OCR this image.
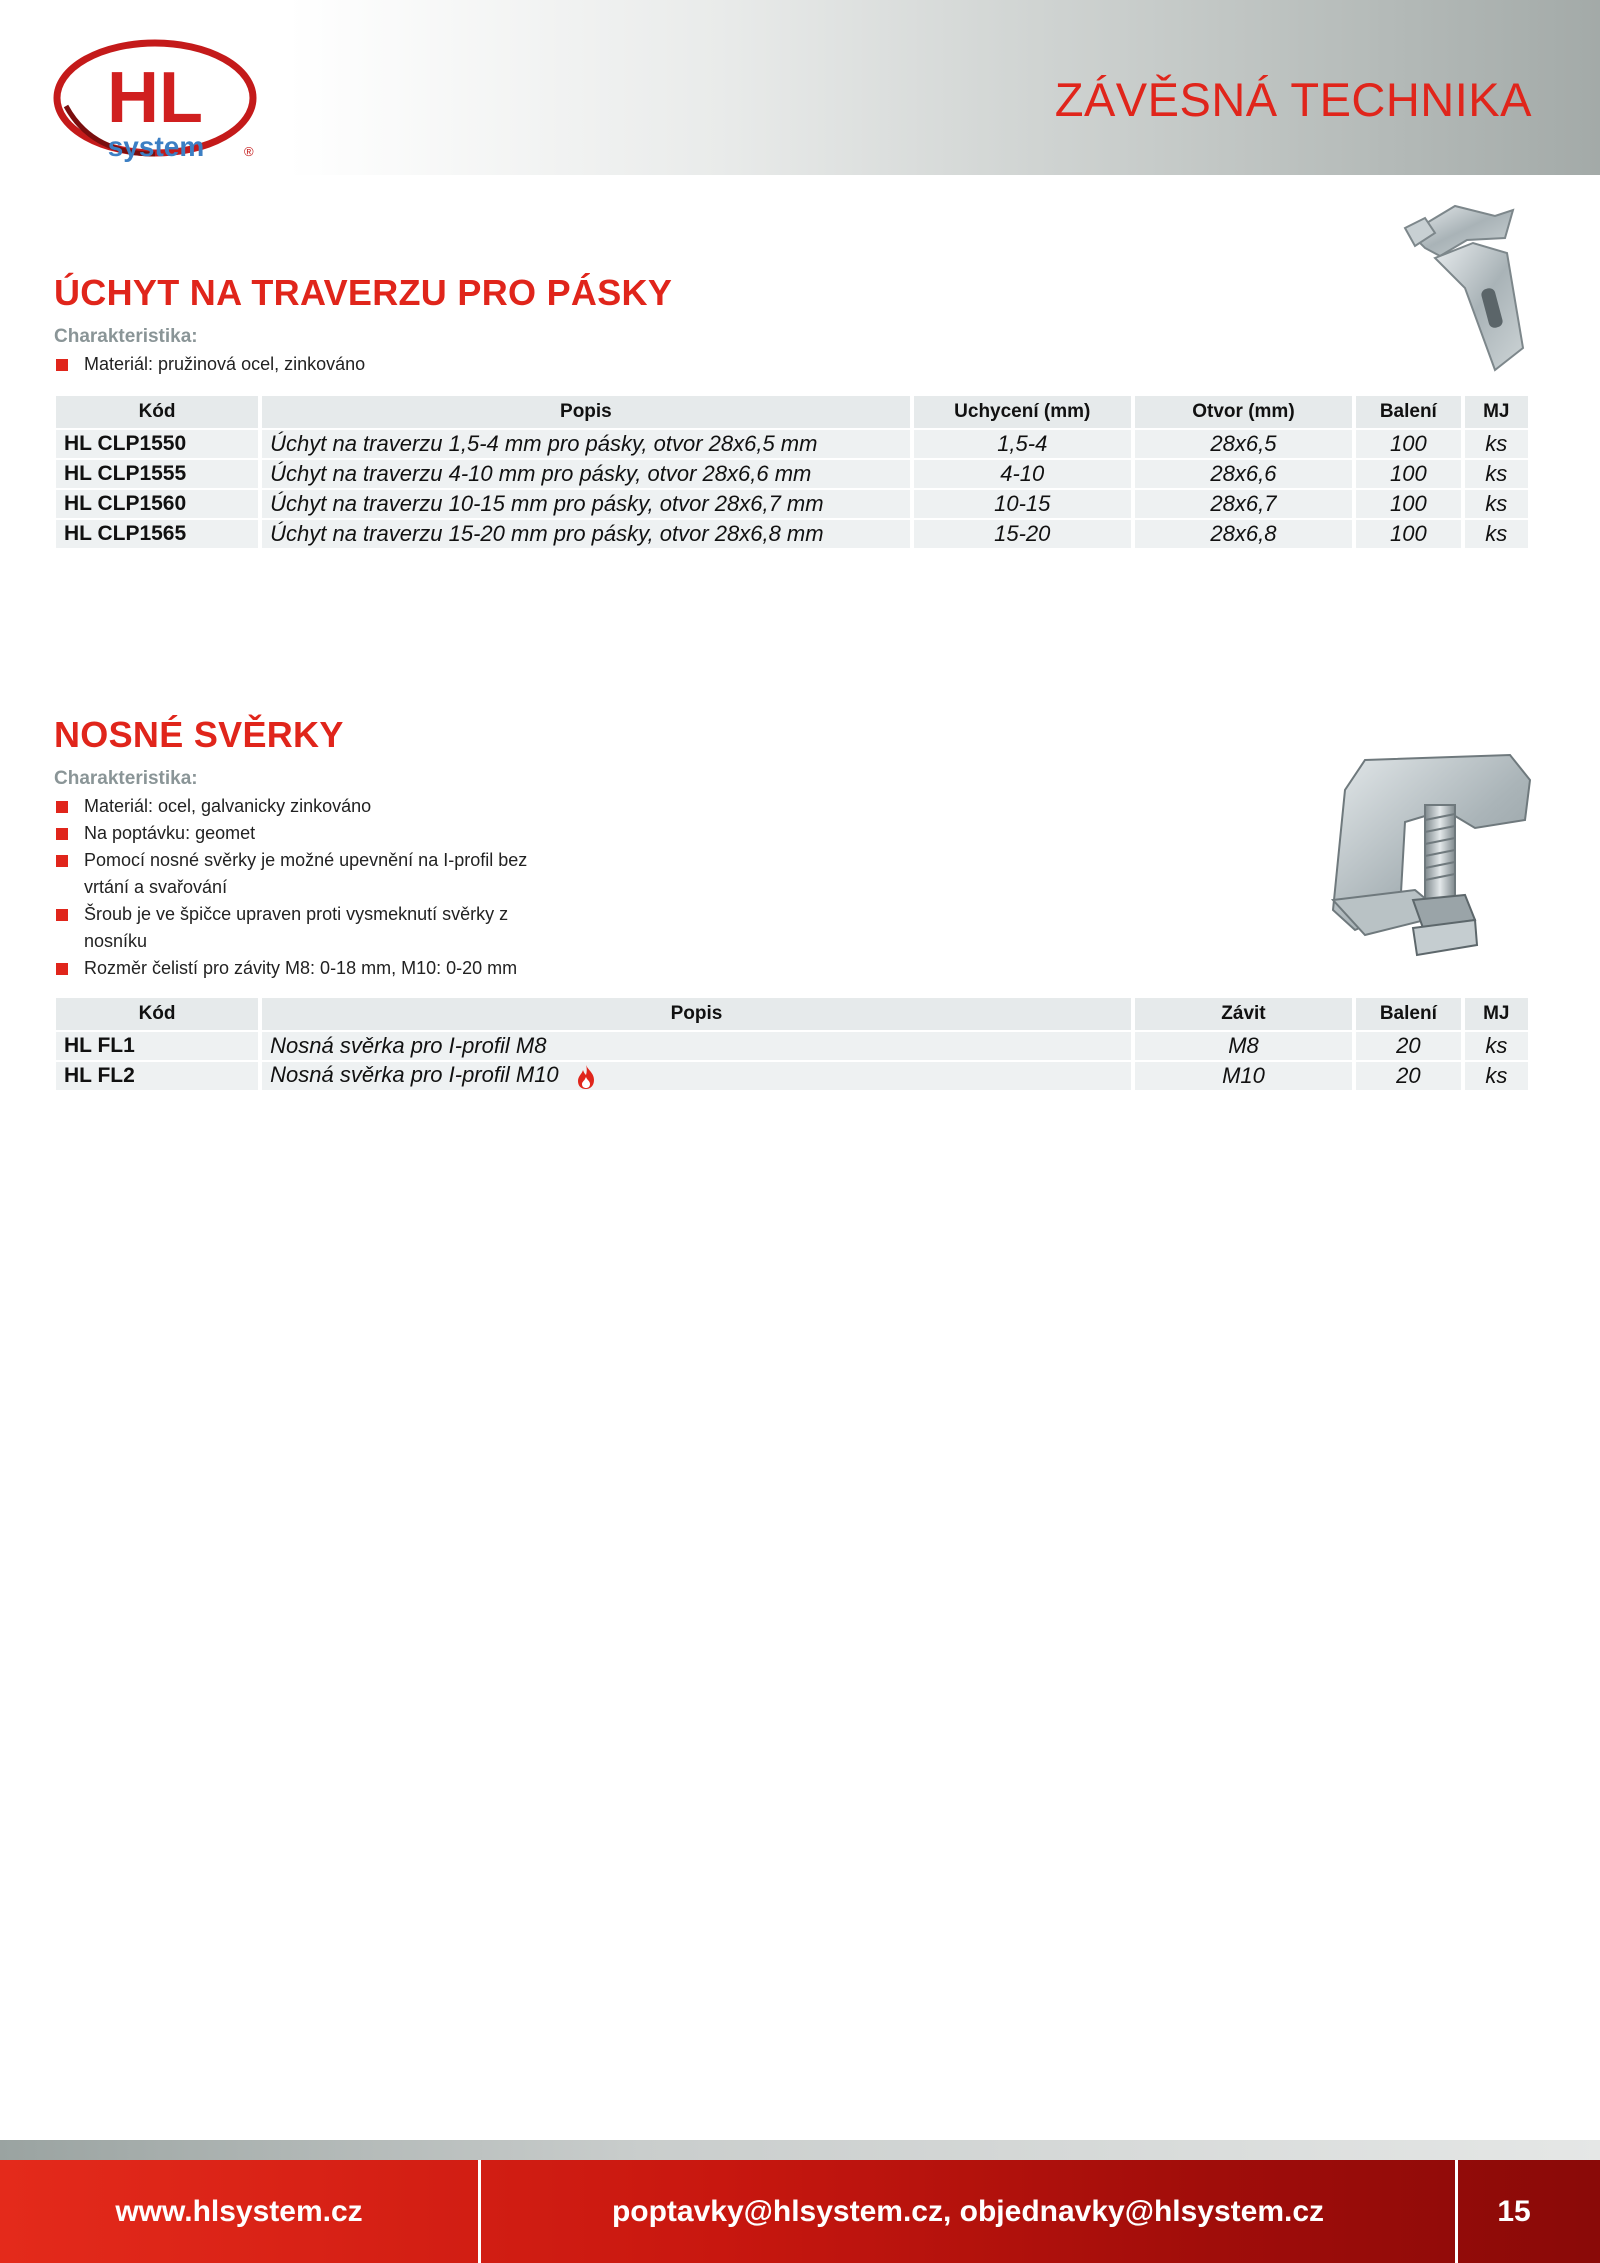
HL
system	®
ZÁVĚSNÁ TECHNIKA
ÚCHYT NA TRAVERZU PRO PÁSKY
Charakteristika:
Materiál: pružinová ocel, zinkováno
Kód	Popis	Uchycení (mm)	Otvor (mm)	Balení	MJ
HL CLP1550	Úchyt na traverzu 1,5-4 mm pro pásky, otvor 28x6,5 mm	1,5-4	28x6,5	100	ks
HL CLP1555	Úchyt na traverzu 4-10 mm pro pásky, otvor 28x6,6 mm	4-10	28x6,6	100	ks
HL CLP1560	Úchyt na traverzu 10-15 mm pro pásky, otvor 28x6,7 mm	10-15	28x6,7	100	ks
HL CLP1565	Úchyt na traverzu 15-20 mm pro pásky, otvor 28x6,8 mm	15-20	28x6,8	100	ks
NOSNÉ SVĚRKY
Charakteristika:
Materiál: ocel, galvanicky zinkováno
Na poptávku: geomet
Pomocí nosné svěrky je možné upevnění na I-profil bez vrtání a svařování
Šroub je ve špičce upraven proti vysmeknutí svěrky z nosníku
Rozměr čelistí pro závity M8: 0-18 mm, M10: 0-20 mm
Kód	Popis	Závit	Balení	MJ
HL FL1	Nosná svěrka pro I-profil M8	M8	20	ks
HL FL2	Nosná svěrka pro I-profil M10	M10	20	ks
www.hlsystem.cz	poptavky@hlsystem.cz, objednavky@hlsystem.cz	15
